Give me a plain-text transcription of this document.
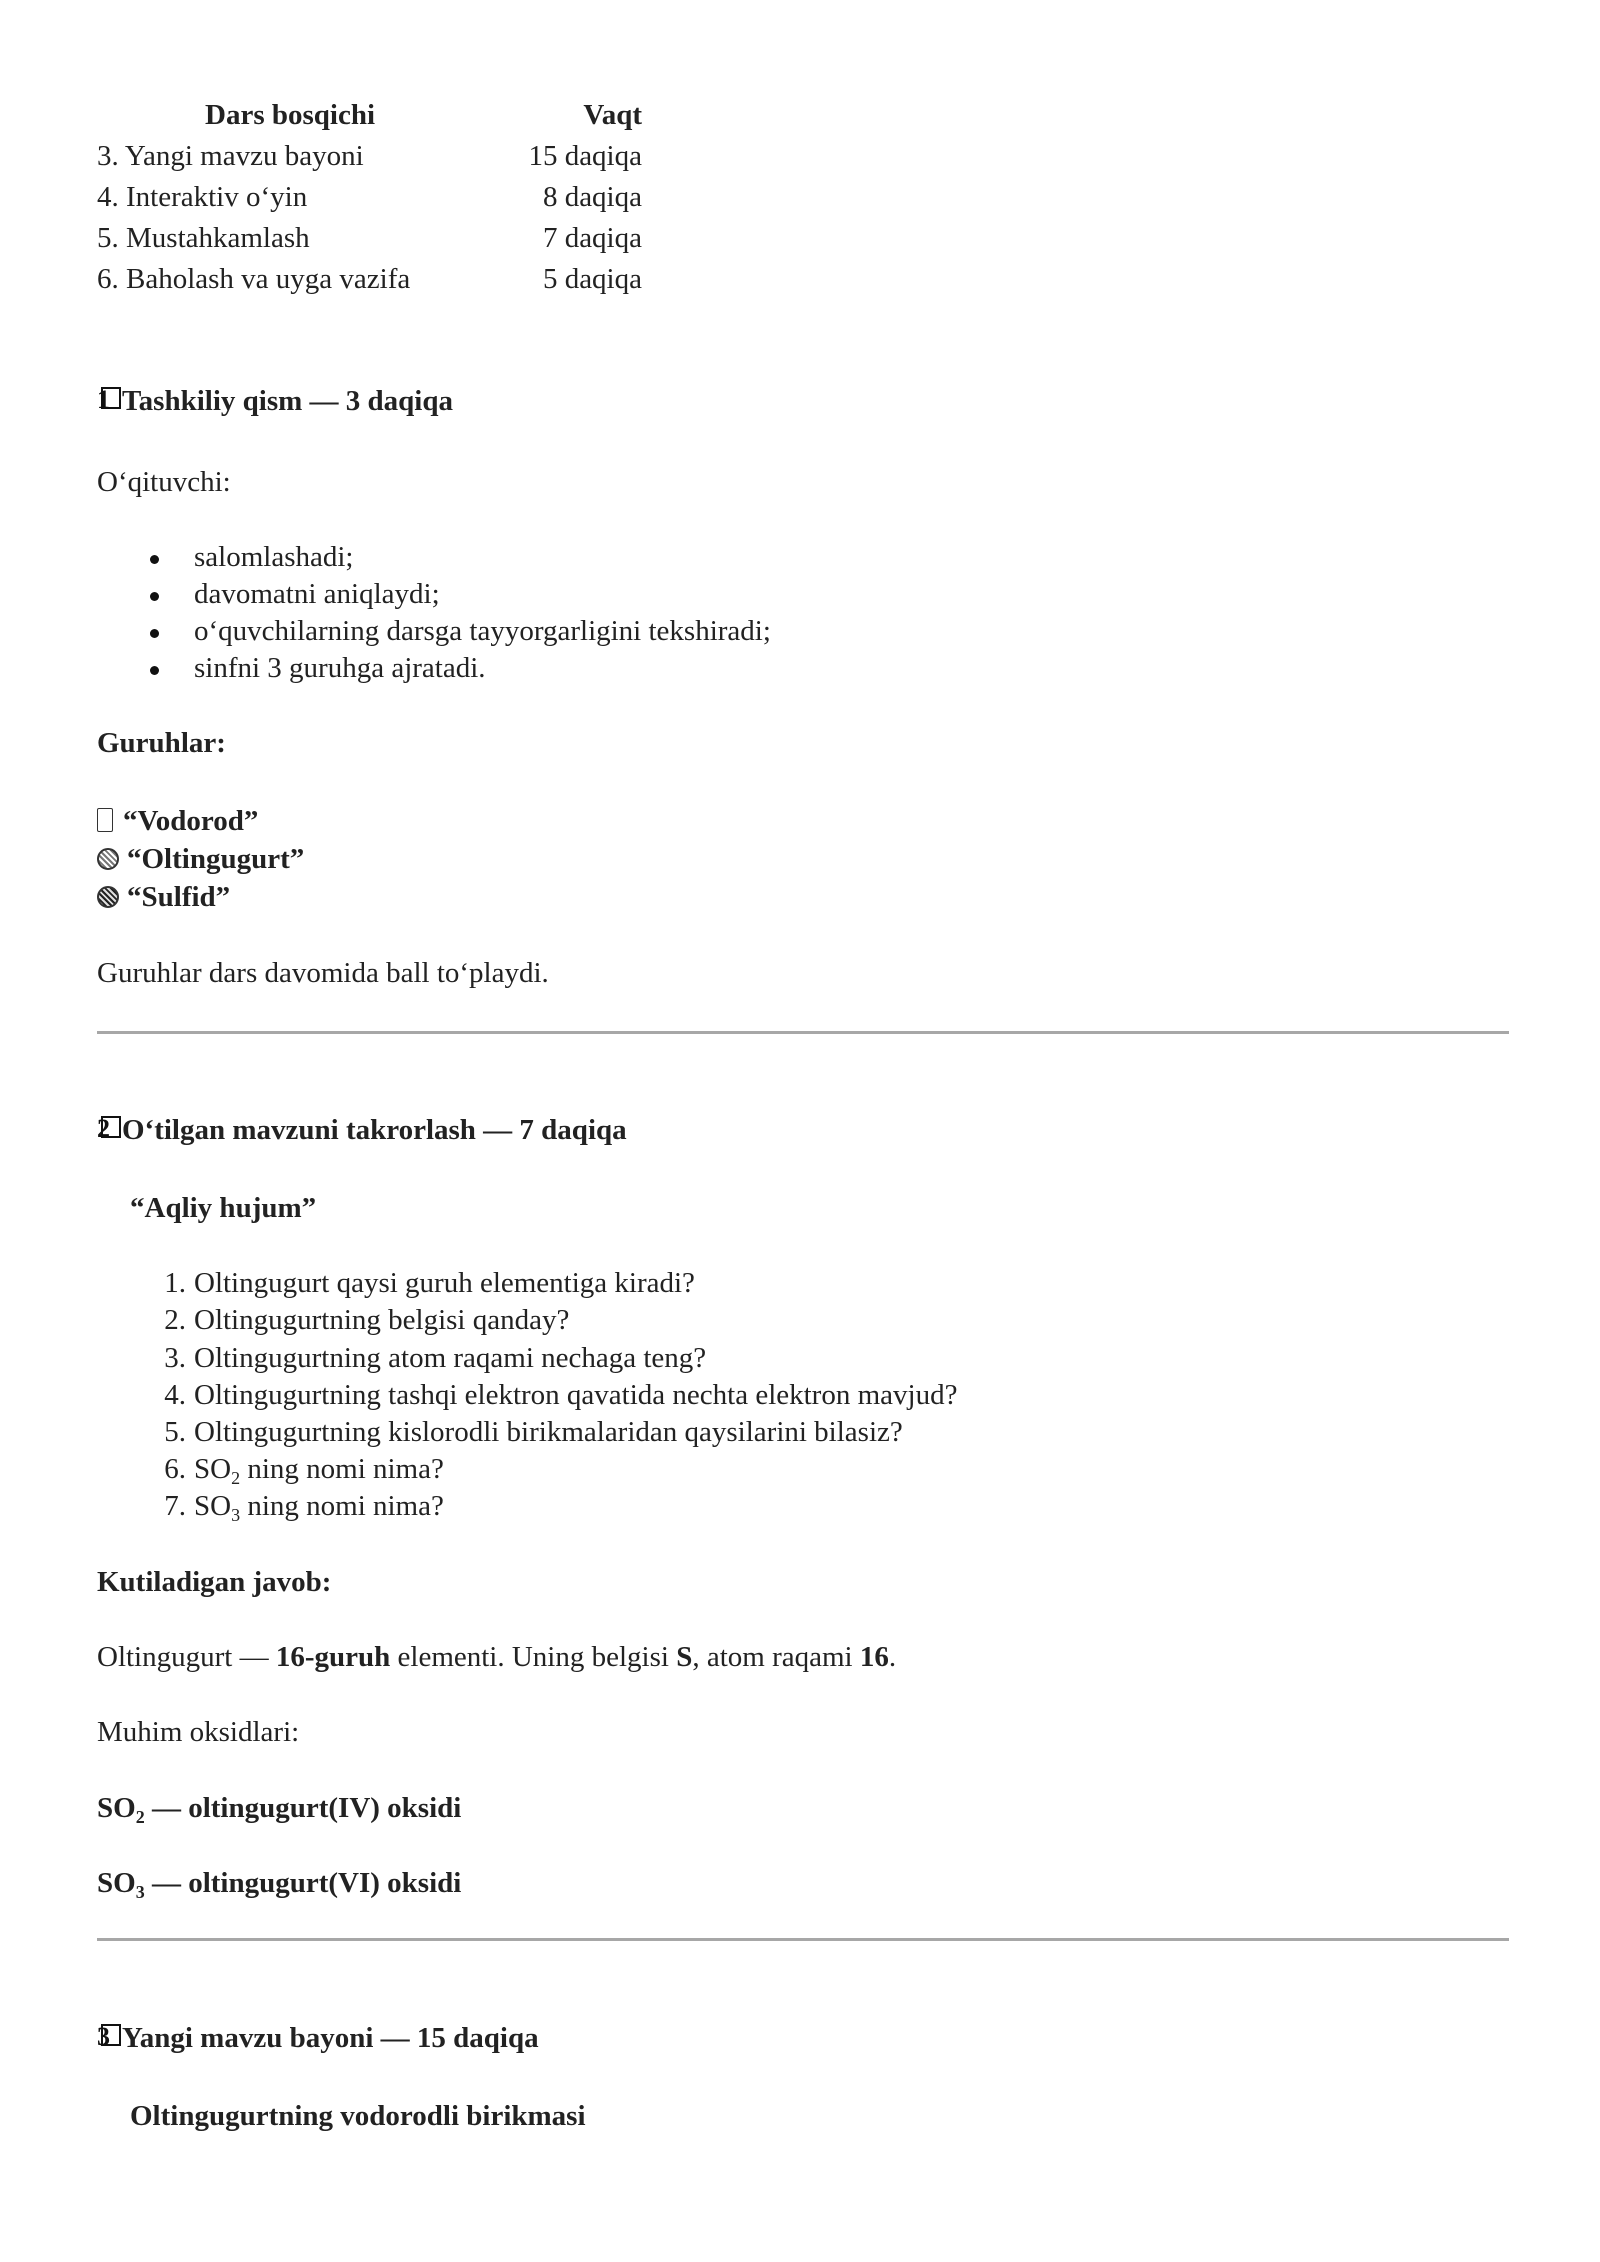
Dars bosqichi	Vaqt
3. Yangi mavzu bayoni	15 daqiqa
4. Interaktiv o‘yin	8 daqiqa
5. Mustahkamlash	7 daqiqa
6. Baholash va uyga vazifa	5 daqiqa
1 Tashkiliy qism — 3 daqiqa
O‘qituvchi:
salomlashadi;
davomatni aniqlaydi;
o‘quvchilarning darsga tayyorgarligini tekshiradi;
sinfni 3 guruhga ajratadi.
Guruhlar:
“Vodorod”
“Oltingugurt”
“Sulfid”
Guruhlar dars davomida ball to‘playdi.
2 O‘tilgan mavzuni takrorlash — 7 daqiqa
“Aqliy hujum”
1. Oltingugurt qaysi guruh elementiga kiradi?
2. Oltingugurtning belgisi qanday?
3. Oltingugurtning atom raqami nechaga teng?
4. Oltingugurtning tashqi elektron qavatida nechta elektron mavjud?
5. Oltingugurtning kislorodli birikmalaridan qaysilarini bilasiz?
6. $SO_2$ ning nomi nima?
7. $SO_3$ ning nomi nima?
Kutiladigan javob:
Oltingugurt — 16-guruh elementi. Uning belgisi S, atom raqami 16.
Muhim oksidlari:
$SO_2$ — oltingugurt(IV) oksidi
$SO_3$ — oltingugurt(VI) oksidi
3 Yangi mavzu bayoni — 15 daqiqa
Oltingugurtning vodorodli birikmasi
